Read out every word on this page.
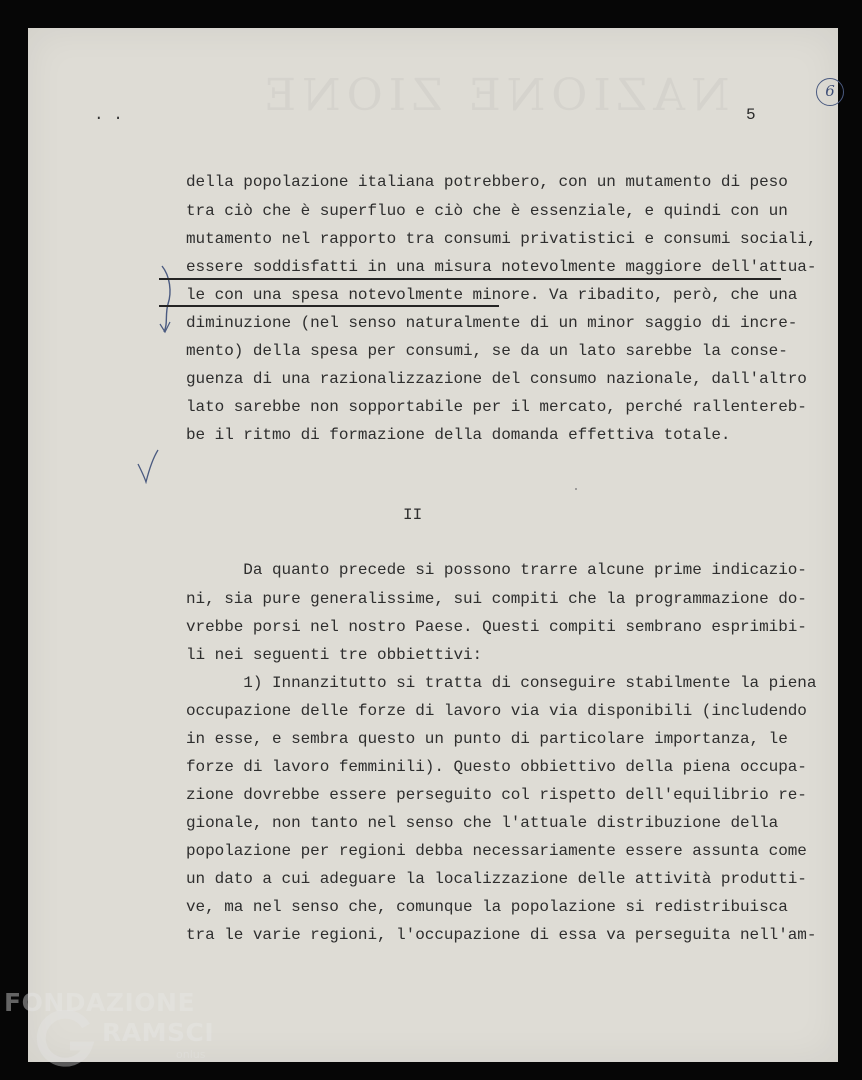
NAZIONE ZIONE
. .	5
6
della popolazione italiana potrebbero, con un mutamento di peso
tra ciò che è superfluo e ciò che è essenziale, e quindi con un
mutamento nel rapporto tra consumi privatistici e consumi sociali,
essere soddisfatti in una misura notevolmente maggiore dell'attua-
le con una spesa notevolmente minore. Va ribadito, però, che una
diminuzione (nel senso naturalmente di un minor saggio di incre-
mento) della spesa per consumi, se da un lato sarebbe la conse-
guenza di una razionalizzazione del consumo nazionale, dall'altro
lato sarebbe non sopportabile per il mercato, perché rallentereb-
be il ritmo di formazione della domanda effettiva totale.
II
Da quanto precede si possono trarre alcune prime indicazio-
ni, sia pure generalissime, sui compiti che la programmazione do-
vrebbe porsi nel nostro Paese. Questi compiti sembrano esprimibi-
li nei seguenti tre obbiettivi:
1) Innanzitutto si tratta di conseguire stabilmente la piena
occupazione delle forze di lavoro via via disponibili (includendo
in esse, e sembra questo un punto di particolare importanza, le
forze di lavoro femminili). Questo obbiettivo della piena occupa-
zione dovrebbe essere perseguito col rispetto dell'equilibrio re-
gionale, non tanto nel senso che l'attuale distribuzione della
popolazione per regioni debba necessariamente essere assunta come
un dato a cui adeguare la localizzazione delle attività produtti-
ve, ma nel senso che, comunque la popolazione si redistribuisca
tra le varie regioni, l'occupazione di essa va perseguita nell'am-
FONDAZIONE
RAMSCI
onlus
